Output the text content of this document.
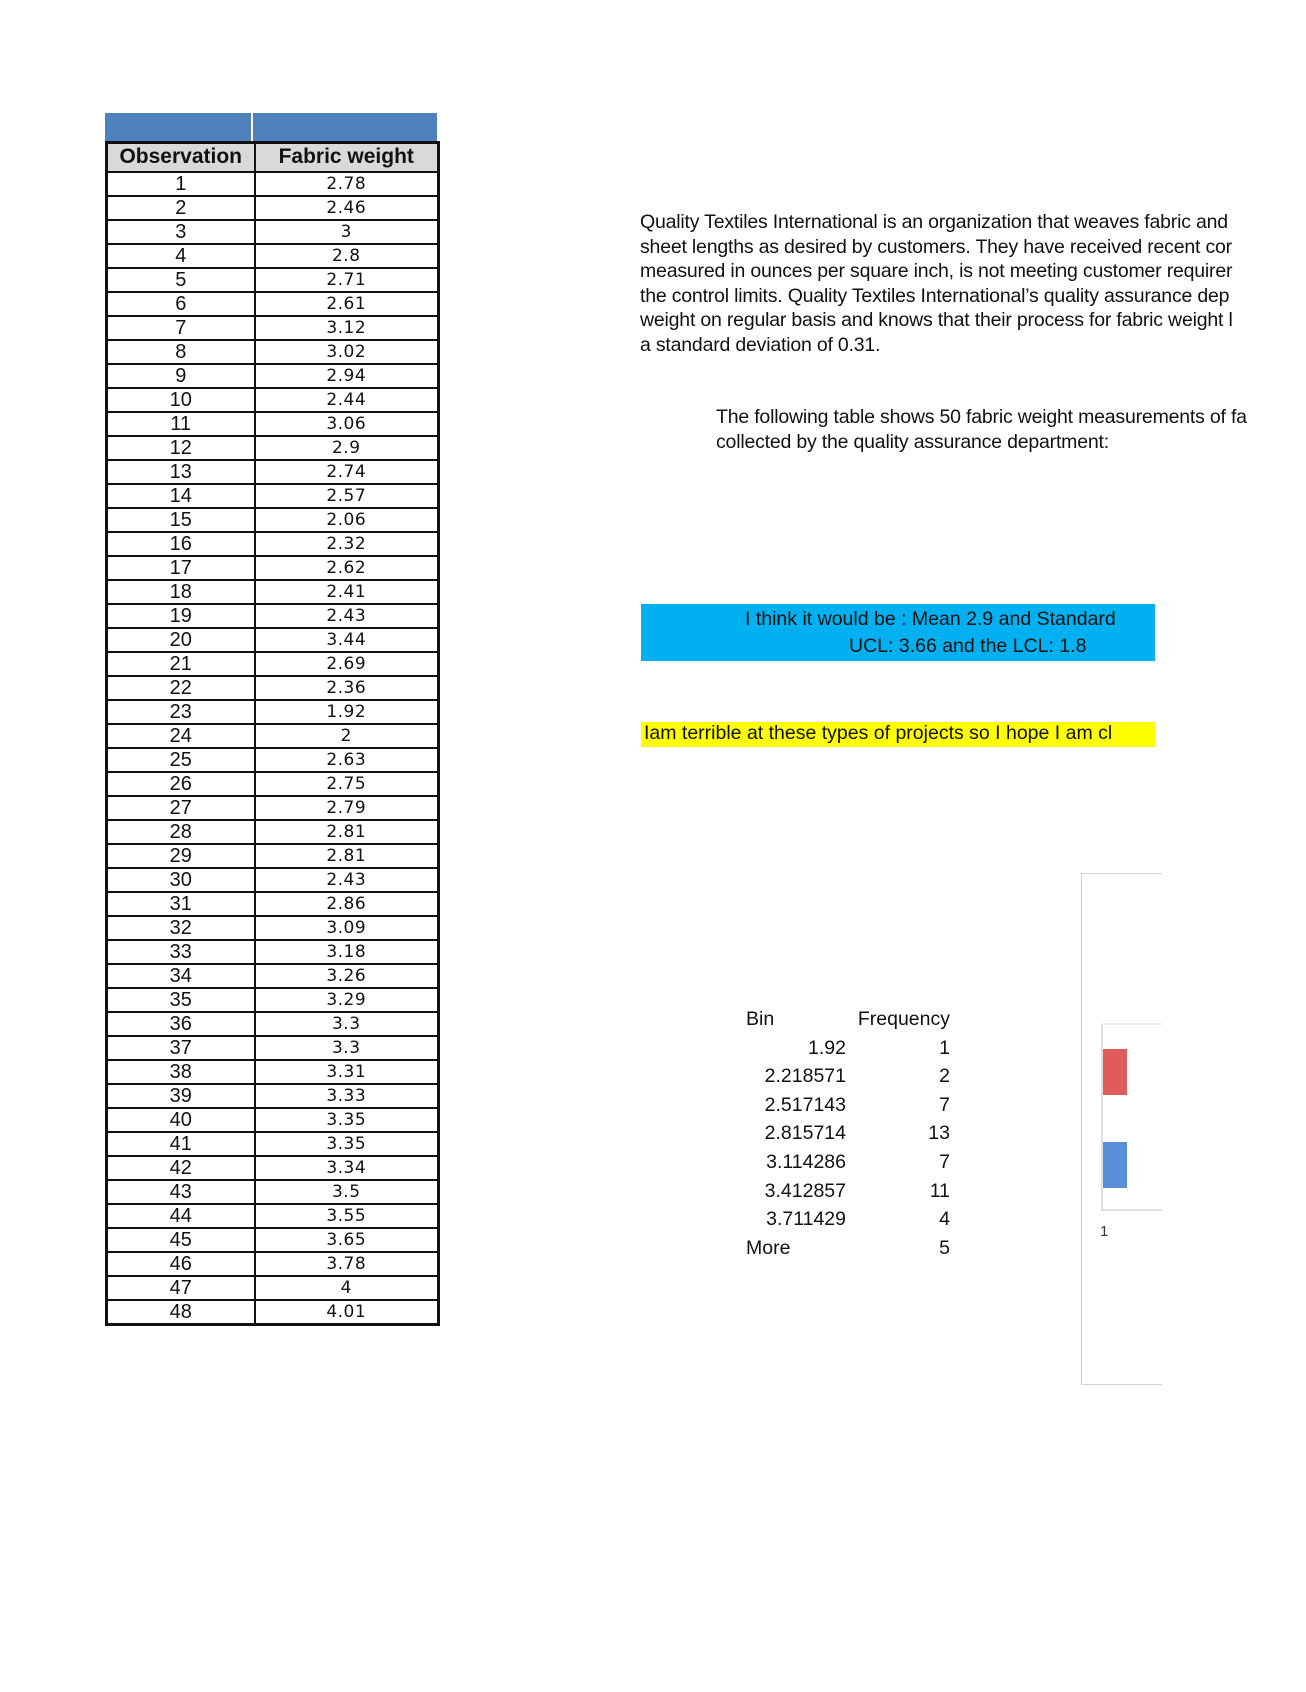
Observation	Fabric weight
1	2.78
2	2.46
3	3
4	2.8
5	2.71
6	2.61
7	3.12
8	3.02
9	2.94
10	2.44
11	3.06
12	2.9
13	2.74
14	2.57
15	2.06
16	2.32
17	2.62
18	2.41
19	2.43
20	3.44
21	2.69
22	2.36
23	1.92
24	2
25	2.63
26	2.75
27	2.79
28	2.81
29	2.81
30	2.43
31	2.86
32	3.09
33	3.18
34	3.26
35	3.29
36	3.3
37	3.3
38	3.31
39	3.33
40	3.35
41	3.35
42	3.34
43	3.5
44	3.55
45	3.65
46	3.78
47	4
48	4.01
Quality Textiles International is an organization that weaves fabric and
sheet lengths as desired by customers. They have received recent cor
measured in ounces per square inch, is not meeting customer requirer
the control limits. Quality Textiles International’s quality assurance dep
weight on regular basis and knows that their process for fabric weight l
a standard deviation of 0.31.
The following table shows 50 fabric weight measurements of fa
collected by the quality assurance department:
I think it would be : Mean 2.9 and Standard
UCL: 3.66 and the LCL: 1.8
Iam terrible at these types of projects so I hope I am cl
Bin	Frequency
1.92	1
2.218571	2
2.517143	7
2.815714	13
3.114286	7
3.412857	11
3.711429	4
More	5
1
